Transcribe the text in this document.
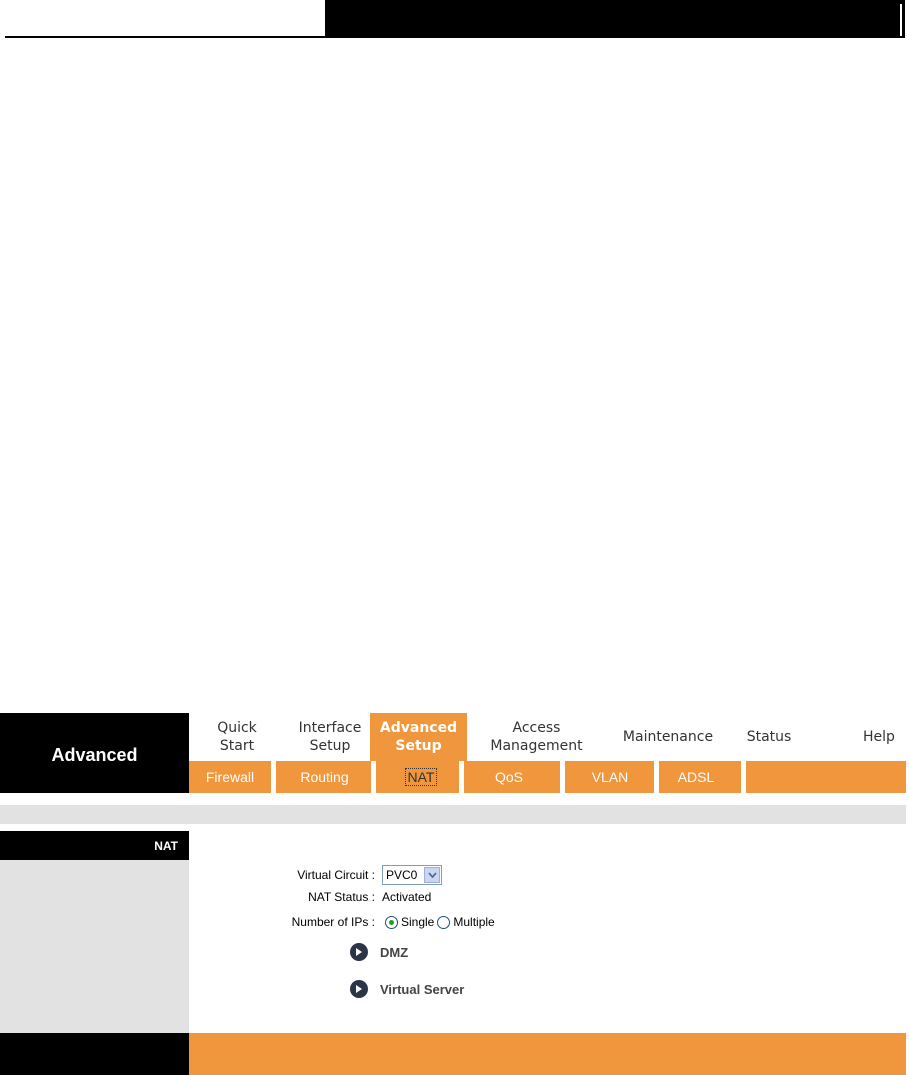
Advanced
Quick
Start
Interface
Setup
Advanced
Setup
Access
Management
Maintenance Status	Help
Firewall	Routing	NAT	QoS	VLAN	ADSL
NAT
Virtual Circuit : PVC0
NAT Status : Activated
Number of IPs : Single Multiple
DMZ
Virtual Server
